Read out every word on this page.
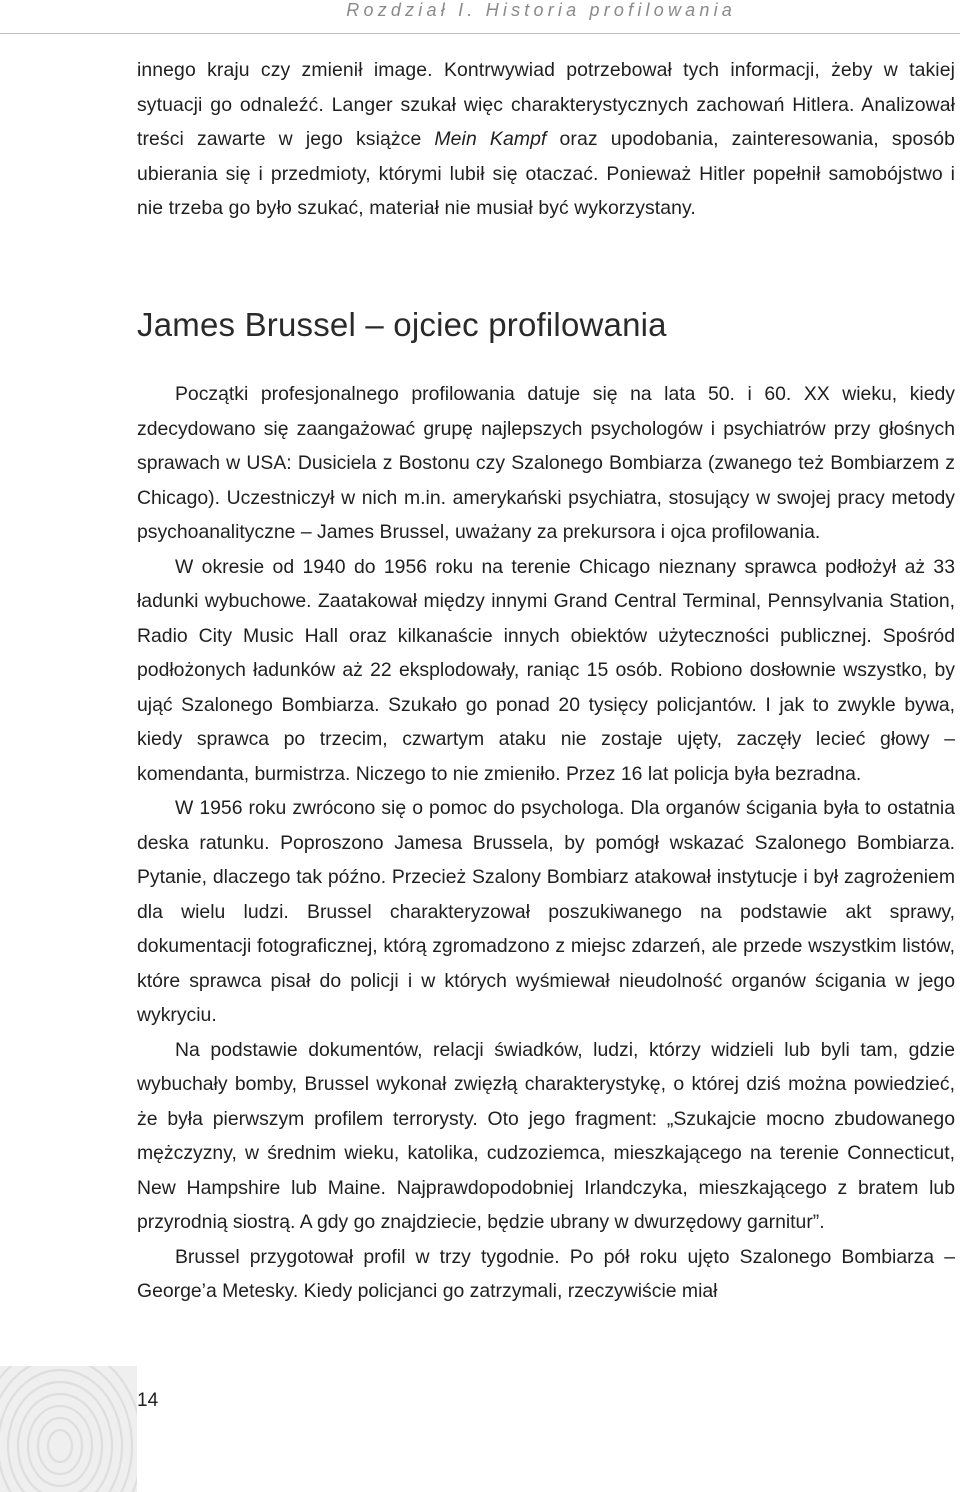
Rozdział I. Historia profilowania

innego kraju czy zmienił image. Kontrwywiad potrzebował tych informacji, żeby w takiej sytuacji go odnaleźć. Langer szukał więc charakterystycznych zachowań Hitlera. Analizował treści zawarte w jego książce Mein Kampf oraz upodobania, zainteresowania, sposób ubierania się i przedmioty, którymi lubił się otaczać. Ponieważ Hitler popełnił samobójstwo i nie trzeba go było szukać, materiał nie musiał być wykorzystany.

James Brussel – ojciec profilowania

Początki profesjonalnego profilowania datuje się na lata 50. i 60. XX wieku, kiedy zdecydowano się zaangażować grupę najlepszych psychologów i psychiatrów przy głośnych sprawach w USA: Dusiciela z Bostonu czy Szalonego Bombiarza (zwanego też Bombiarzem z Chicago). Uczestniczył w nich m.in. amerykański psychiatra, stosujący w swojej pracy metody psychoanalityczne – James Brussel, uważany za prekursora i ojca profilowania.

W okresie od 1940 do 1956 roku na terenie Chicago nieznany sprawca podłożył aż 33 ładunki wybuchowe. Zaatakował między innymi Grand Central Terminal, Pennsylvania Station, Radio City Music Hall oraz kilkanaście innych obiektów użyteczności publicznej. Spośród podłożonych ładunków aż 22 eksplodowały, raniąc 15 osób. Robiono dosłownie wszystko, by ująć Szalonego Bombiarza. Szukało go ponad 20 tysięcy policjantów. I jak to zwykle bywa, kiedy sprawca po trzecim, czwartym ataku nie zostaje ujęty, zaczęły lecieć głowy – komendanta, burmistrza. Niczego to nie zmieniło. Przez 16 lat policja była bezradna.

W 1956 roku zwrócono się o pomoc do psychologa. Dla organów ścigania była to ostatnia deska ratunku. Poproszono Jamesa Brussela, by pomógł wskazać Szalonego Bombiarza. Pytanie, dlaczego tak późno. Przecież Szalony Bombiarz atakował instytucje i był zagrożeniem dla wielu ludzi. Brussel charakteryzował poszukiwanego na podstawie akt sprawy, dokumentacji fotograficznej, którą zgromadzono z miejsc zdarzeń, ale przede wszystkim listów, które sprawca pisał do policji i w których wyśmiewał nieudolność organów ścigania w jego wykryciu.

Na podstawie dokumentów, relacji świadków, ludzi, którzy widzieli lub byli tam, gdzie wybuchały bomby, Brussel wykonał zwięzłą charakterystykę, o której dziś można powiedzieć, że była pierwszym profilem terrorysty. Oto jego fragment: „Szukajcie mocno zbudowanego mężczyzny, w średnim wieku, katolika, cudzoziemca, mieszkającego na terenie Connecticut, New Hampshire lub Maine. Najprawdopodobniej Irlandczyka, mieszkającego z bratem lub przyrodnią siostrą. A gdy go znajdziecie, będzie ubrany w dwurzędowy garnitur”.

Brussel przygotował profil w trzy tygodnie. Po pół roku ujęto Szalonego Bombiarza – George’a Metesky. Kiedy policjanci go zatrzymali, rzeczywiście miał

14
